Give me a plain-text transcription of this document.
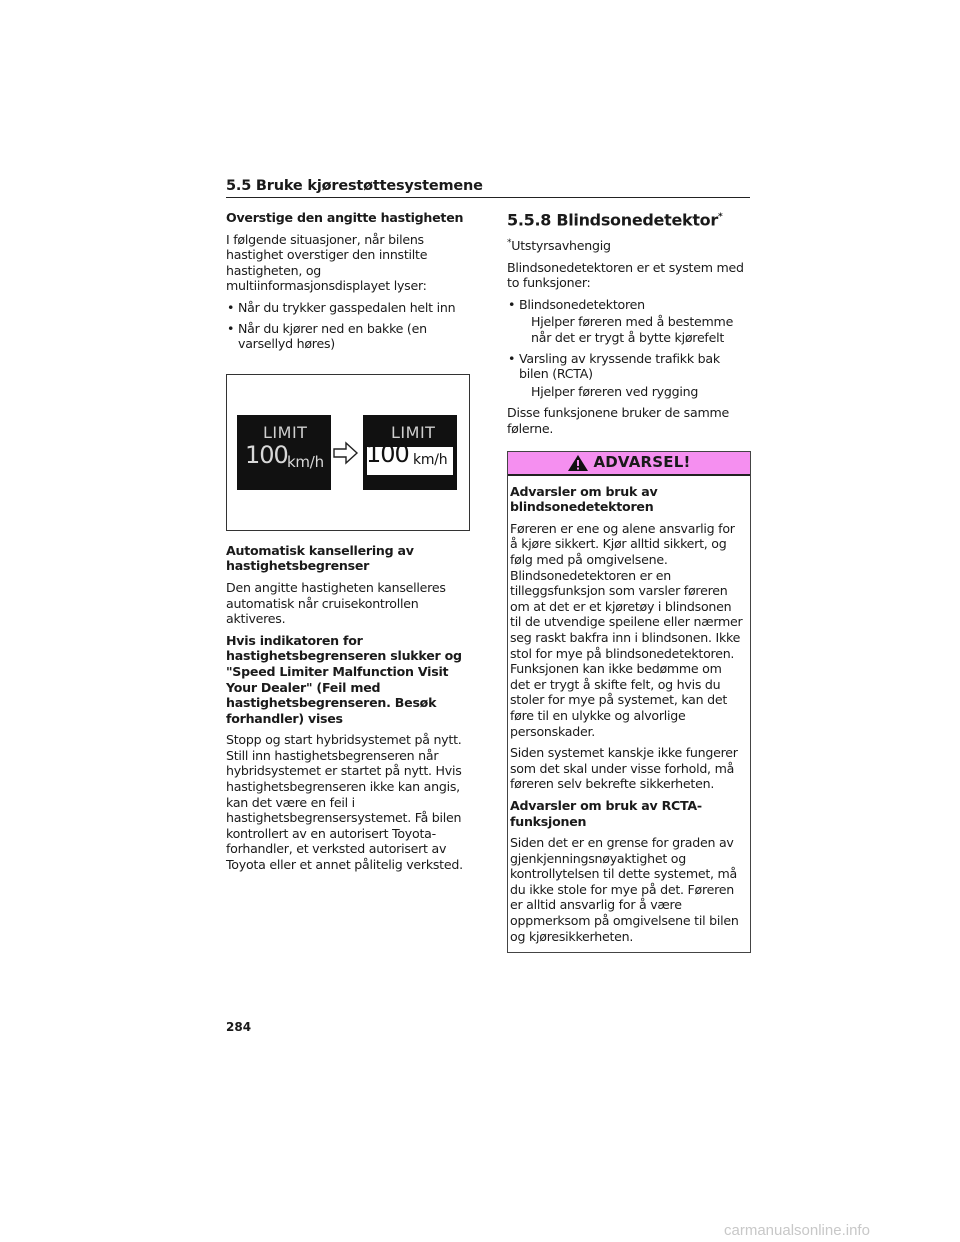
5.5 Bruke kjørestøttesystemene
Overstige den angitte hastigheten

I følgende situasjoner, når bilens hastighet overstiger den innstilte hastigheten, og multiinformasjonsdisplayet lyser:

• Når du trykker gasspedalen helt inn
• Når du kjører ned en bakke (en varsellyd høres)
LIMIT
100 km/h
LIMIT
100 km/h
Automatisk kansellering av hastighetsbegrenser

Den angitte hastigheten kanselleres automatisk når cruisekontrollen aktiveres.

Hvis indikatoren for hastighetsbegrenseren slukker og "Speed Limiter Malfunction Visit Your Dealer" (Feil med hastighetsbegrenseren. Besøk forhandler) vises

Stopp og start hybridsystemet på nytt. Still inn hastighetsbegrenseren når hybridsystemet er startet på nytt. Hvis hastighetsbegrenseren ikke kan angis, kan det være en feil i hastighetsbegrensersystemet. Få bilen kontrollert av en autorisert Toyota-forhandler, et verksted autorisert av Toyota eller et annet pålitelig verksted.

5.5.8 Blindsonedetektor*

*Utstyrsavhengig

Blindsonedetektoren er et system med to funksjoner:

• Blindsonedetektoren
Hjelper føreren med å bestemme når det er trygt å bytte kjørefelt
• Varsling av kryssende trafikk bak bilen (RCTA)
Hjelper føreren ved rygging

Disse funksjonene bruker de samme følerne.

ADVARSEL!
Advarsler om bruk av blindsonedetektoren

Føreren er ene og alene ansvarlig for å kjøre sikkert. Kjør alltid sikkert, og følg med på omgivelsene. Blindsonedetektoren er en tilleggsfunksjon som varsler føreren om at det er et kjøretøy i blindsonen til de utvendige speilene eller nærmer seg raskt bakfra inn i blindsonen. Ikke stol for mye på blindsonedetektoren. Funksjonen kan ikke bedømme om det er trygt å skifte felt, og hvis du stoler for mye på systemet, kan det føre til en ulykke og alvorlige personskader.

Siden systemet kanskje ikke fungerer som det skal under visse forhold, må føreren selv bekrefte sikkerheten.

Advarsler om bruk av RCTA-funksjonen

Siden det er en grense for graden av gjenkjenningsnøyaktighet og kontrollytelsen til dette systemet, må du ikke stole for mye på det. Føreren er alltid ansvarlig for å være oppmerksom på omgivelsene til bilen og kjøresikkerheten.

284
carmanualsonline.info
